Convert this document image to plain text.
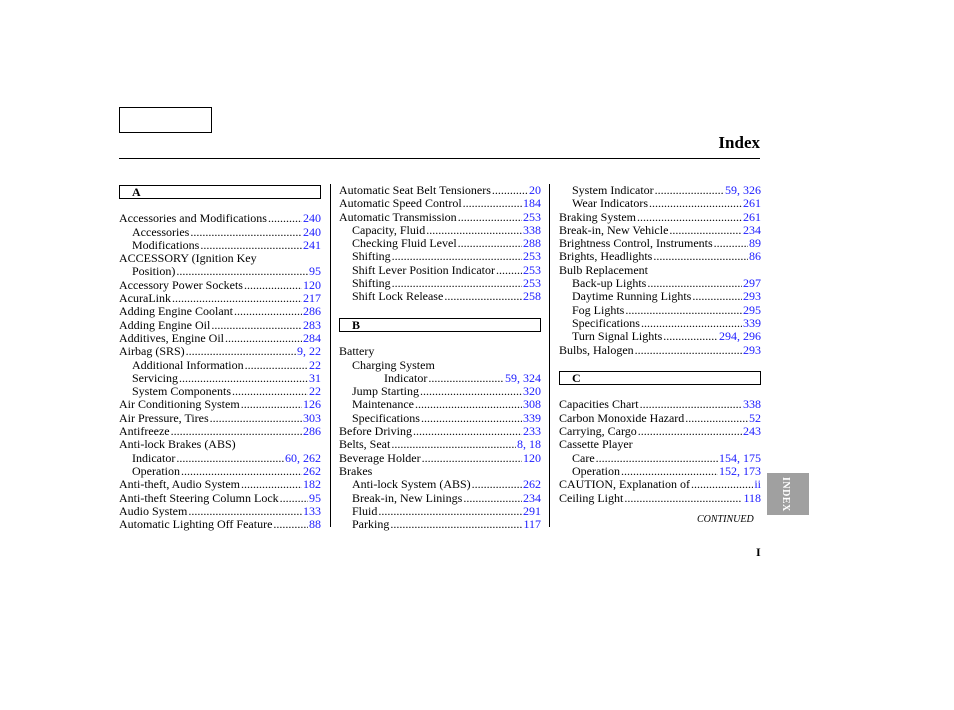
Index
A
Accessories and Modifications .....	240
Accessories .....	240
Modifications .....	241
ACCESSORY (Ignition Key
Position) .....	95
Accessory Power Sockets .....	120
AcuraLink .....	217
Adding Engine Coolant .....	286
Adding Engine Oil .....	283
Additives, Engine Oil .....	284
Airbag (SRS) .....	9, 22
Additional Information .....	22
Servicing .....	31
System Components .....	22
Air Conditioning System .....	126
Air Pressure, Tires .....	303
Antifreeze .....	286
Anti-lock Brakes (ABS)
Indicator .....	60, 262
Operation .....	262
Anti-theft, Audio System .....	182
Anti-theft Steering Column Lock .....	95
Audio System .....	133
Automatic Lighting Off Feature .....	88
Automatic Seat Belt Tensioners .....	20
Automatic Speed Control .....	184
Automatic Transmission .....	253
Capacity, Fluid .....	338
Checking Fluid Level .....	288
Shifting .....	253
Shift Lever Position Indicator ..... 253
Shifting .....	253
Shift Lock Release .....	258
B
Battery
Charging System
Indicator .....	59, 324
Jump Starting .....	320
Maintenance .....	308
Specifications .....	339
Before Driving .....	233
Belts, Seat .....	8, 18
Beverage Holder .....	120
Brakes
Anti-lock System (ABS) .....	262
Break-in, New Linings .....	234
Fluid .....	291
Parking .....	117
System Indicator .....	59, 326
Wear Indicators .....	261
Braking System .....	261
Break-in, New Vehicle .....	234
Brightness Control, Instruments .....	89
Brights, Headlights .....	86
Bulb Replacement
Back-up Lights .....	297
Daytime Running Lights .....	293
Fog Lights .....	295
Specifications .....	339
Turn Signal Lights .....	294, 296
Bulbs, Halogen .....	293
C
Capacities Chart .....	338
Carbon Monoxide Hazard .....	52
Carrying, Cargo .....	243
Cassette Player
Care .....	154, 175
Operation .....	152, 173
CAUTION, Explanation of .....	ii
Ceiling Light .....	118
CONTINUED
I
INDEX
